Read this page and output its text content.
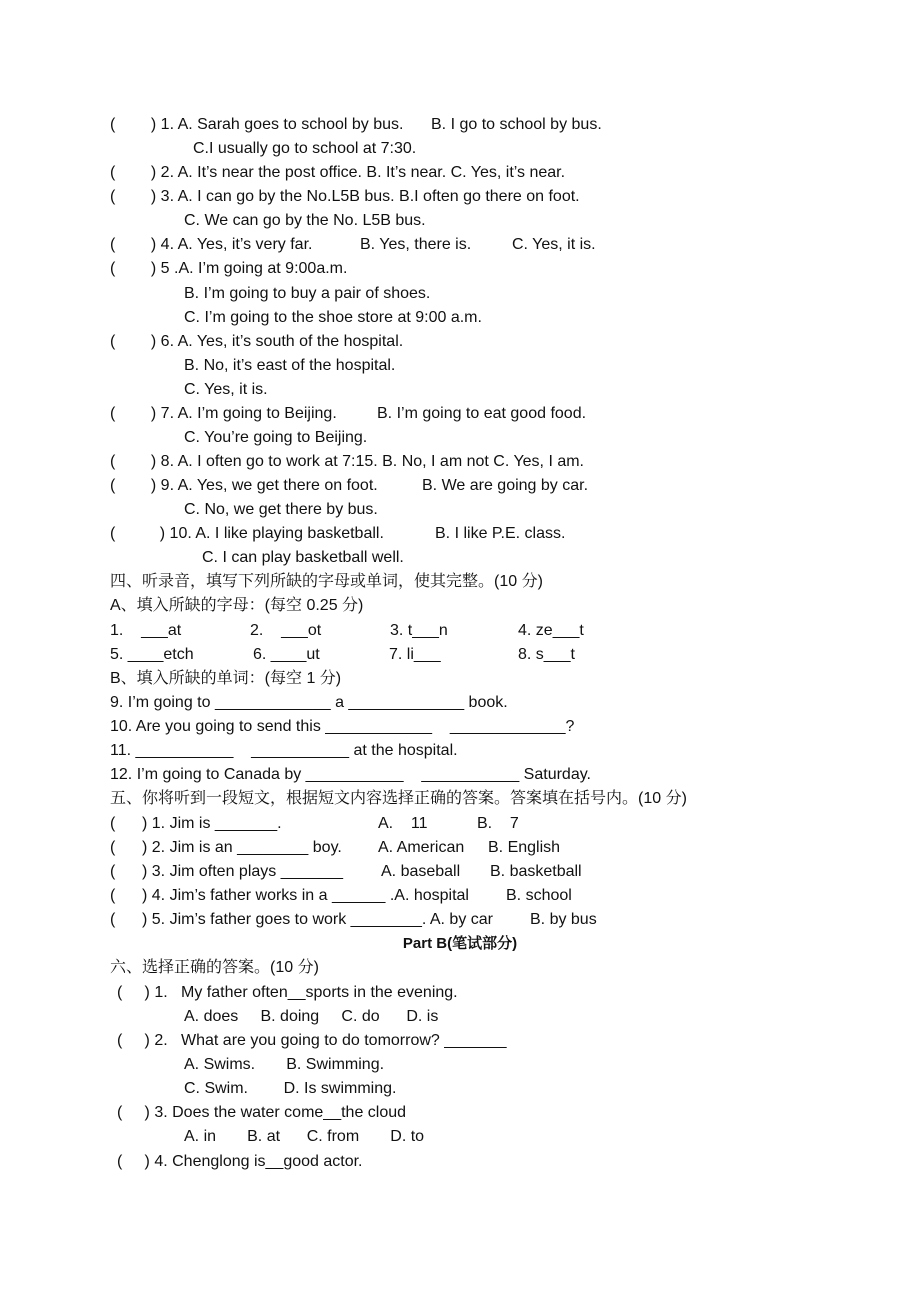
(        ) 1. A. Sarah goes to school by bus.

B. I go to school by bus.

C.I usually go to school at 7:30.
(        ) 2. A. It’s near the post office. B. It’s near. C. Yes, it’s near.
(        ) 3. A. I can go by the No.L5B bus. B.I often go there on foot.
C. We can go by the No. L5B bus.

(        ) 4. A. Yes, it’s very far.

	B. Yes, there is.

	C. Yes, it is.

(        ) 5 .A. I’m going at 9:00a.m.
B. I’m going to buy a pair of shoes.
C. I’m going to the shoe store at 9:00 a.m.
(        ) 6. A. Yes, it’s south of the hospital.
B. No, it’s east of the hospital.
C. Yes, it is.

(        ) 7. A. I’m going to Beijing.

	B. I’m going to eat good food.

C. You’re going to Beijing.
(        ) 8. A. I often go to work at 7:15. B. No, I am not C. Yes, I am.

(        ) 9. A. Yes, we get there on foot.

	B. We are going by car.

C. No, we get there by bus.

(          ) 10. A. I like playing basketball.

	B. I like P.E. class.

C. I can play basketball well.
四、听录音，填写下列所缺的字母或单词，使其完整。(10 分)
A、填入所缺的字母：(每空 0.25 分)

1.    ___at

	2.    ___ot

	3. t___n

	4. ze___t

5. ____etch

	6. ____ut

	7. li___

	8. s___t

B、填入所缺的单词：(每空 1 分)
9. I’m going to _____________ a _____________ book.
10. Are you going to send this ____________    _____________?
11. ___________    ___________ at the hospital.
12. I’m going to Canada by ___________    ___________ Saturday.
五、你将听到一段短文，根据短文内容选择正确的答案。答案填在括号内。(10 分)

(      ) 1. Jim is _______.

	A.    11

	B.    7

(      ) 2. Jim is an ________ boy.

A. American

B. English

(      ) 3. Jim often plays _______

A. baseball

B. basketball

(      ) 4. Jim’s father works in a ______ .A. hospital

B. school

(      ) 5. Jim’s father goes to work ________. A. by car

B. by bus

Part B(笔试部分)
六、选择正确的答案。(10 分)
(     ) 1.   My father often__sports in the evening.
A. does     B. doing     C. do      D. is
(     ) 2.   What are you going to do tomorrow? _______
A. Swims.       B. Swimming.
C. Swim.        D. Is swimming.
(     ) 3. Does the water come__the cloud
A. in       B. at      C. from       D. to
(     ) 4. Chenglong is__good actor.
